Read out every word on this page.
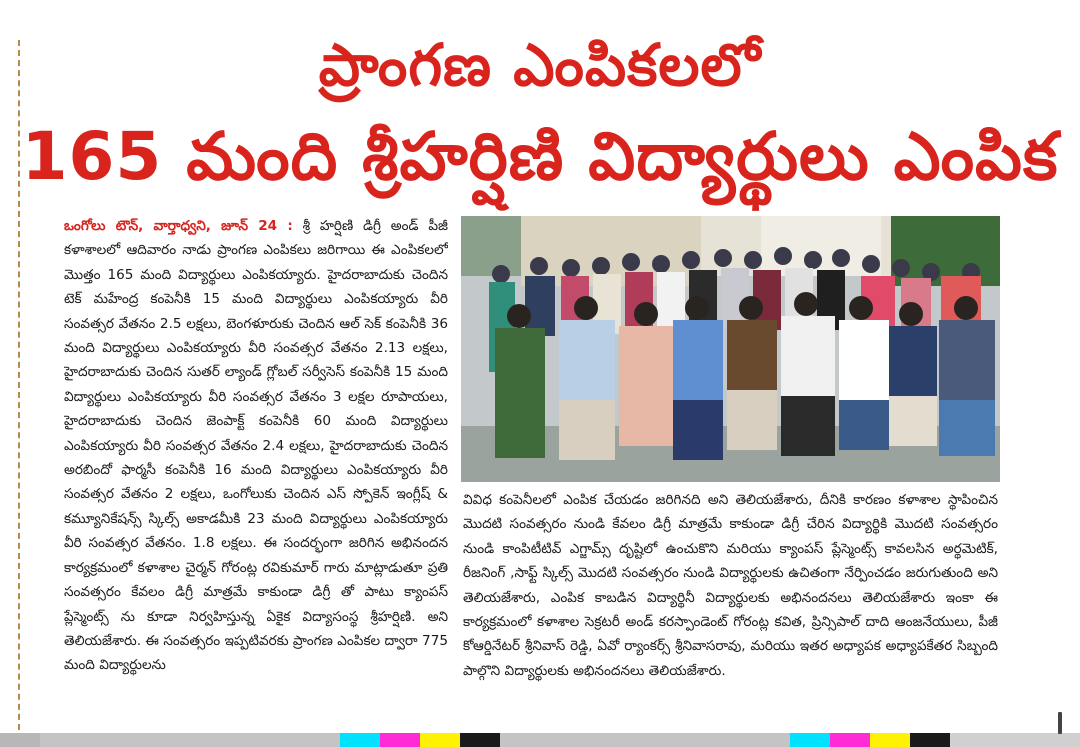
ప్రాంగణ ఎంపికలలో
165 మంది శ్రీహర్షిణి విద్యార్థులు ఎంపిక
ఒంగోలు టౌన్, వార్తాధ్వని, జూన్ 24 : శ్రీ హర్షిణి డిగ్రీ అండ్ పీజీ కళాశాలలో ఆదివారం నాడు ప్రాంగణ ఎంపికలు జరిగాయి ఈ ఎంపికలలో మొత్తం 165 మంది విద్యార్థులు ఎంపికయ్యారు. హైదరాబాదుకు చెందిన టెక్ మహేంద్ర కంపెనీకి 15 మంది విద్యార్థులు ఎంపికయ్యారు వీరి సంవత్సర వేతనం 2.5 లక్షలు, బెంగళూరుకు చెందిన ఆల్ సెక్ కంపెనీకి 36 మంది విద్యార్థులు ఎంపికయ్యారు వీరి సంవత్సర వేతనం 2.13 లక్షలు, హైదరాబాదుకు చెందిన సుతర్ ల్యాండ్ గ్లోబల్ సర్వీసెస్ కంపెనీకి 15 మంది విద్యార్థులు ఎంపికయ్యారు వీరి సంవత్సర వేతనం 3 లక్షల రూపాయలు, హైదరాబాదుకు చెందిన జెంపాక్ట్ కంపెనీకి 60 మంది విద్యార్థులు ఎంపికయ్యారు వీరి సంవత్సర వేతనం 2.4 లక్షలు, హైదరాబాదుకు చెందిన అరబిందో ఫార్మసీ కంపెనీకి 16 మంది విద్యార్థులు ఎంపికయ్యారు వీరి సంవత్సర వేతనం 2 లక్షలు, ఒంగోలుకు చెందిన ఎస్ స్పోకెన్ ఇంగ్లీష్ & కమ్యూనికేషన్స్ స్కిల్స్ అకాడమీకి 23 మంది విద్యార్థులు ఎంపికయ్యారు వీరి సంవత్సర వేతనం. 1.8 లక్షలు. ఈ సందర్భంగా జరిగిన అభినందన కార్యక్రమంలో కళాశాల చైర్మన్ గోరంట్ల రవికుమార్ గారు మాట్లాడుతూ ప్రతి సంవత్సరం కేవలం డిగ్రీ మాత్రమే కాకుండా డిగ్రీ తో పాటు క్యాంపస్ ప్లేస్మెంట్స్ ను కూడా నిర్వహిస్తున్న ఏకైక విద్యాసంస్థ శ్రీహర్షిణి. అని తెలియజేశారు. ఈ సంవత్సరం ఇప్పటివరకు ప్రాంగణ ఎంపికల ద్వారా 775 మంది విద్యార్థులను
వివిధ కంపెనీలలో ఎంపిక చేయడం జరిగినది అని తెలియజేశారు, దీనికి కారణం కళాశాల స్థాపించిన మొదటి సంవత్సరం నుండి కేవలం డిగ్రీ మాత్రమే కాకుండా డిగ్రీ చేరిన విద్యార్థికి మొదటి సంవత్సరం నుండి కాంపిటీటివ్ ఎగ్జామ్స్ దృష్టిలో ఉంచుకొని మరియు క్యాంపస్ ప్లేస్మెంట్స్ కావలసిన అర్థమెటిక్, రీజనింగ్ ,సాఫ్ట్ స్కిల్స్ మొదటి సంవత్సరం నుండి విద్యార్థులకు ఉచితంగా నేర్పించడం జరుగుతుంది అని తెలియజేశారు, ఎంపిక కాబడిన విద్యార్థినీ విద్యార్థులకు అభినందనలు తెలియజేశారు ఇంకా ఈ కార్యక్రమంలో కళాశాల సెక్రటరీ అండ్ కరస్పాండెంట్ గోరంట్ల కవిత, ప్రిన్సిపాల్ దాది ఆంజనేయులు, పీజీ కోఆర్డినేటర్ శ్రీనివాస్ రెడ్డి, ఏవో ర్యాంకర్స్ శ్రీనివాసరావు, మరియు ఇతర అధ్యాపక అధ్యాపకేతర సిబ్బంది పాల్గొని విద్యార్థులకు అభినందనలు తెలియజేశారు.
